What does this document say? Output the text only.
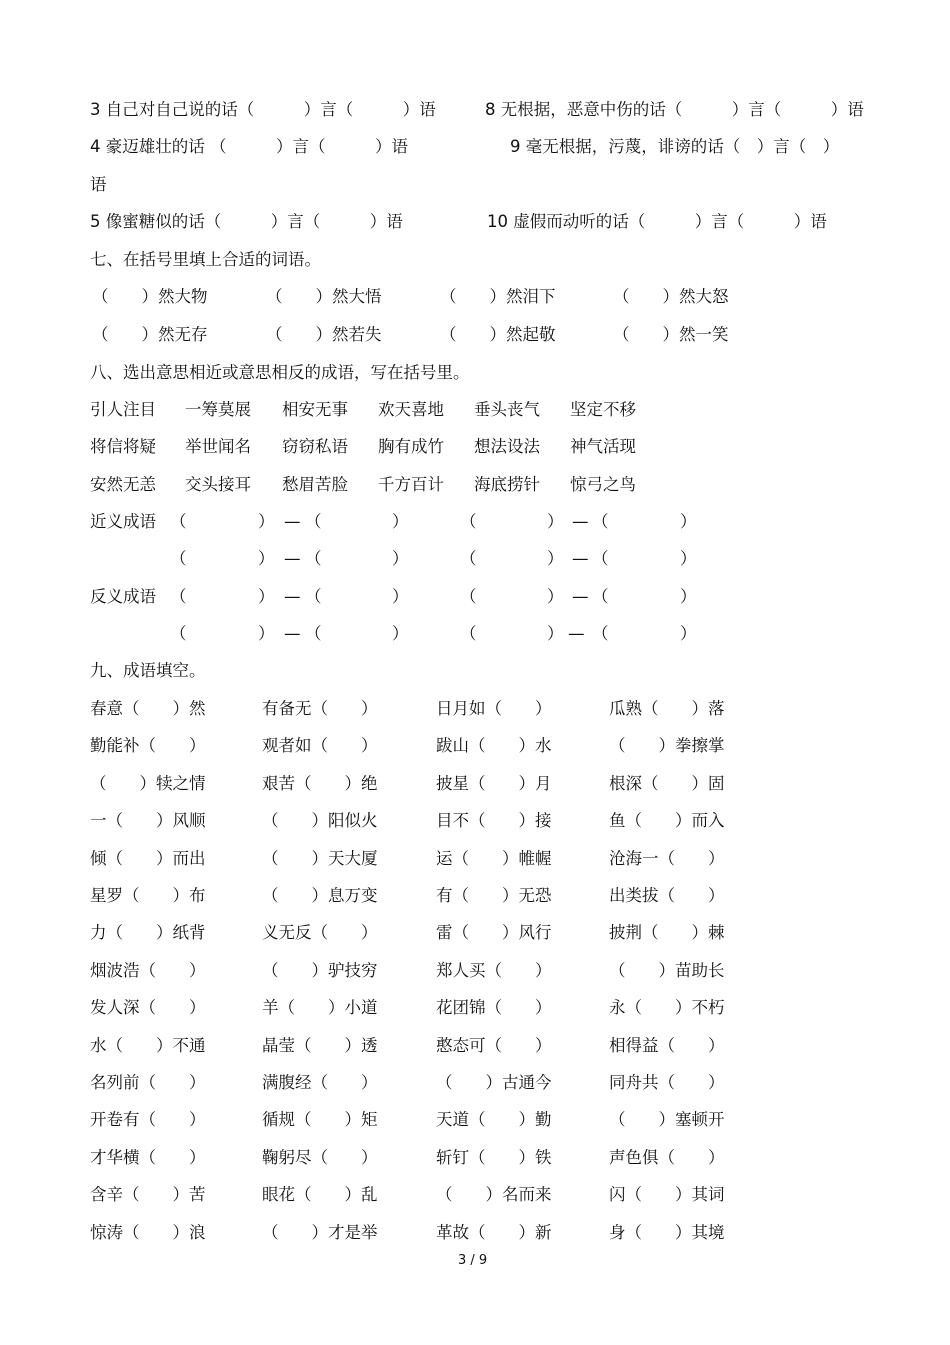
3 自己对自己说的话（　　　）言（　　　）语	8 无根据，恶意中伤的话（　　　）言（　　　）语
4 豪迈雄壮的话 （　　　）言（　　　）语	9 毫无根据，污蔑，诽谤的话（　）言（　）
语
5 像蜜糖似的话（　　　）言（　　　）语	10 虚假而动听的话（　　　）言（　　　）语
七、在括号里填上合适的词语。
（　　）然大物	（　　）然大悟	（　　）然泪下	（　　）然大怒
（　　）然无存	（　　）然若失	（　　）然起敬	（　　）然一笑
八、选出意思相近或意思相反的成语，写在括号里。
引人注目 一筹莫展 相安无事 欢天喜地 垂头丧气 坚定不移
将信将疑 举世闻名 窃窃私语 胸有成竹 想法设法 神气活现
安然无恙 交头接耳 愁眉苦脸 千方百计 海底捞针 惊弓之鸟
近义成语 （	） — （	）	（	） — （	）
（	） — （	）	（	） — （	）
反义成语 （	） — （	）	（	） — （	）
（	） — （	）	（	） — （	）
九、成语填空。
春意（　　）然	有备无（　　）	日月如（　　）	瓜熟（　　）落
勤能补（　　）	观者如（　　）	跋山（　　）水	（　　）拳擦掌
（　　）犊之情	艰苦（　　）绝	披星（　　）月	根深（　　）固
一（　　）风顺	（　　）阳似火	目不（　　）接	鱼（　　）而入
倾（　　）而出	（　　）天大厦	运（　　）帷幄	沧海一（　　）
星罗（　　）布	（　　）息万变	有（　　）无恐	出类拔（　　）
力（　　）纸背	义无反（　　）	雷（　　）风行	披荆（　　）棘
烟波浩（　　）	（　　）驴技穷	郑人买（　　）	（　　）苗助长
发人深（　　）	羊（　　）小道	花团锦（　　）	永（　　）不朽
水（　　）不通	晶莹（　　）透	憨态可（　　）	相得益（　　）
名列前（　　）	满腹经（　　）	（　　）古通今	同舟共（　　）
开卷有（　　）	循规（　　）矩	天道（　　）勤	（　　）塞顿开
才华横（　　）	鞠躬尽（　　）	斩钉（　　）铁	声色俱（　　）
含辛（　　）苦	眼花（　　）乱	（　　）名而来	闪（　　）其词
惊涛（　　）浪	（　　）才是举	革故（　　）新	身（　　）其境
3 / 9
